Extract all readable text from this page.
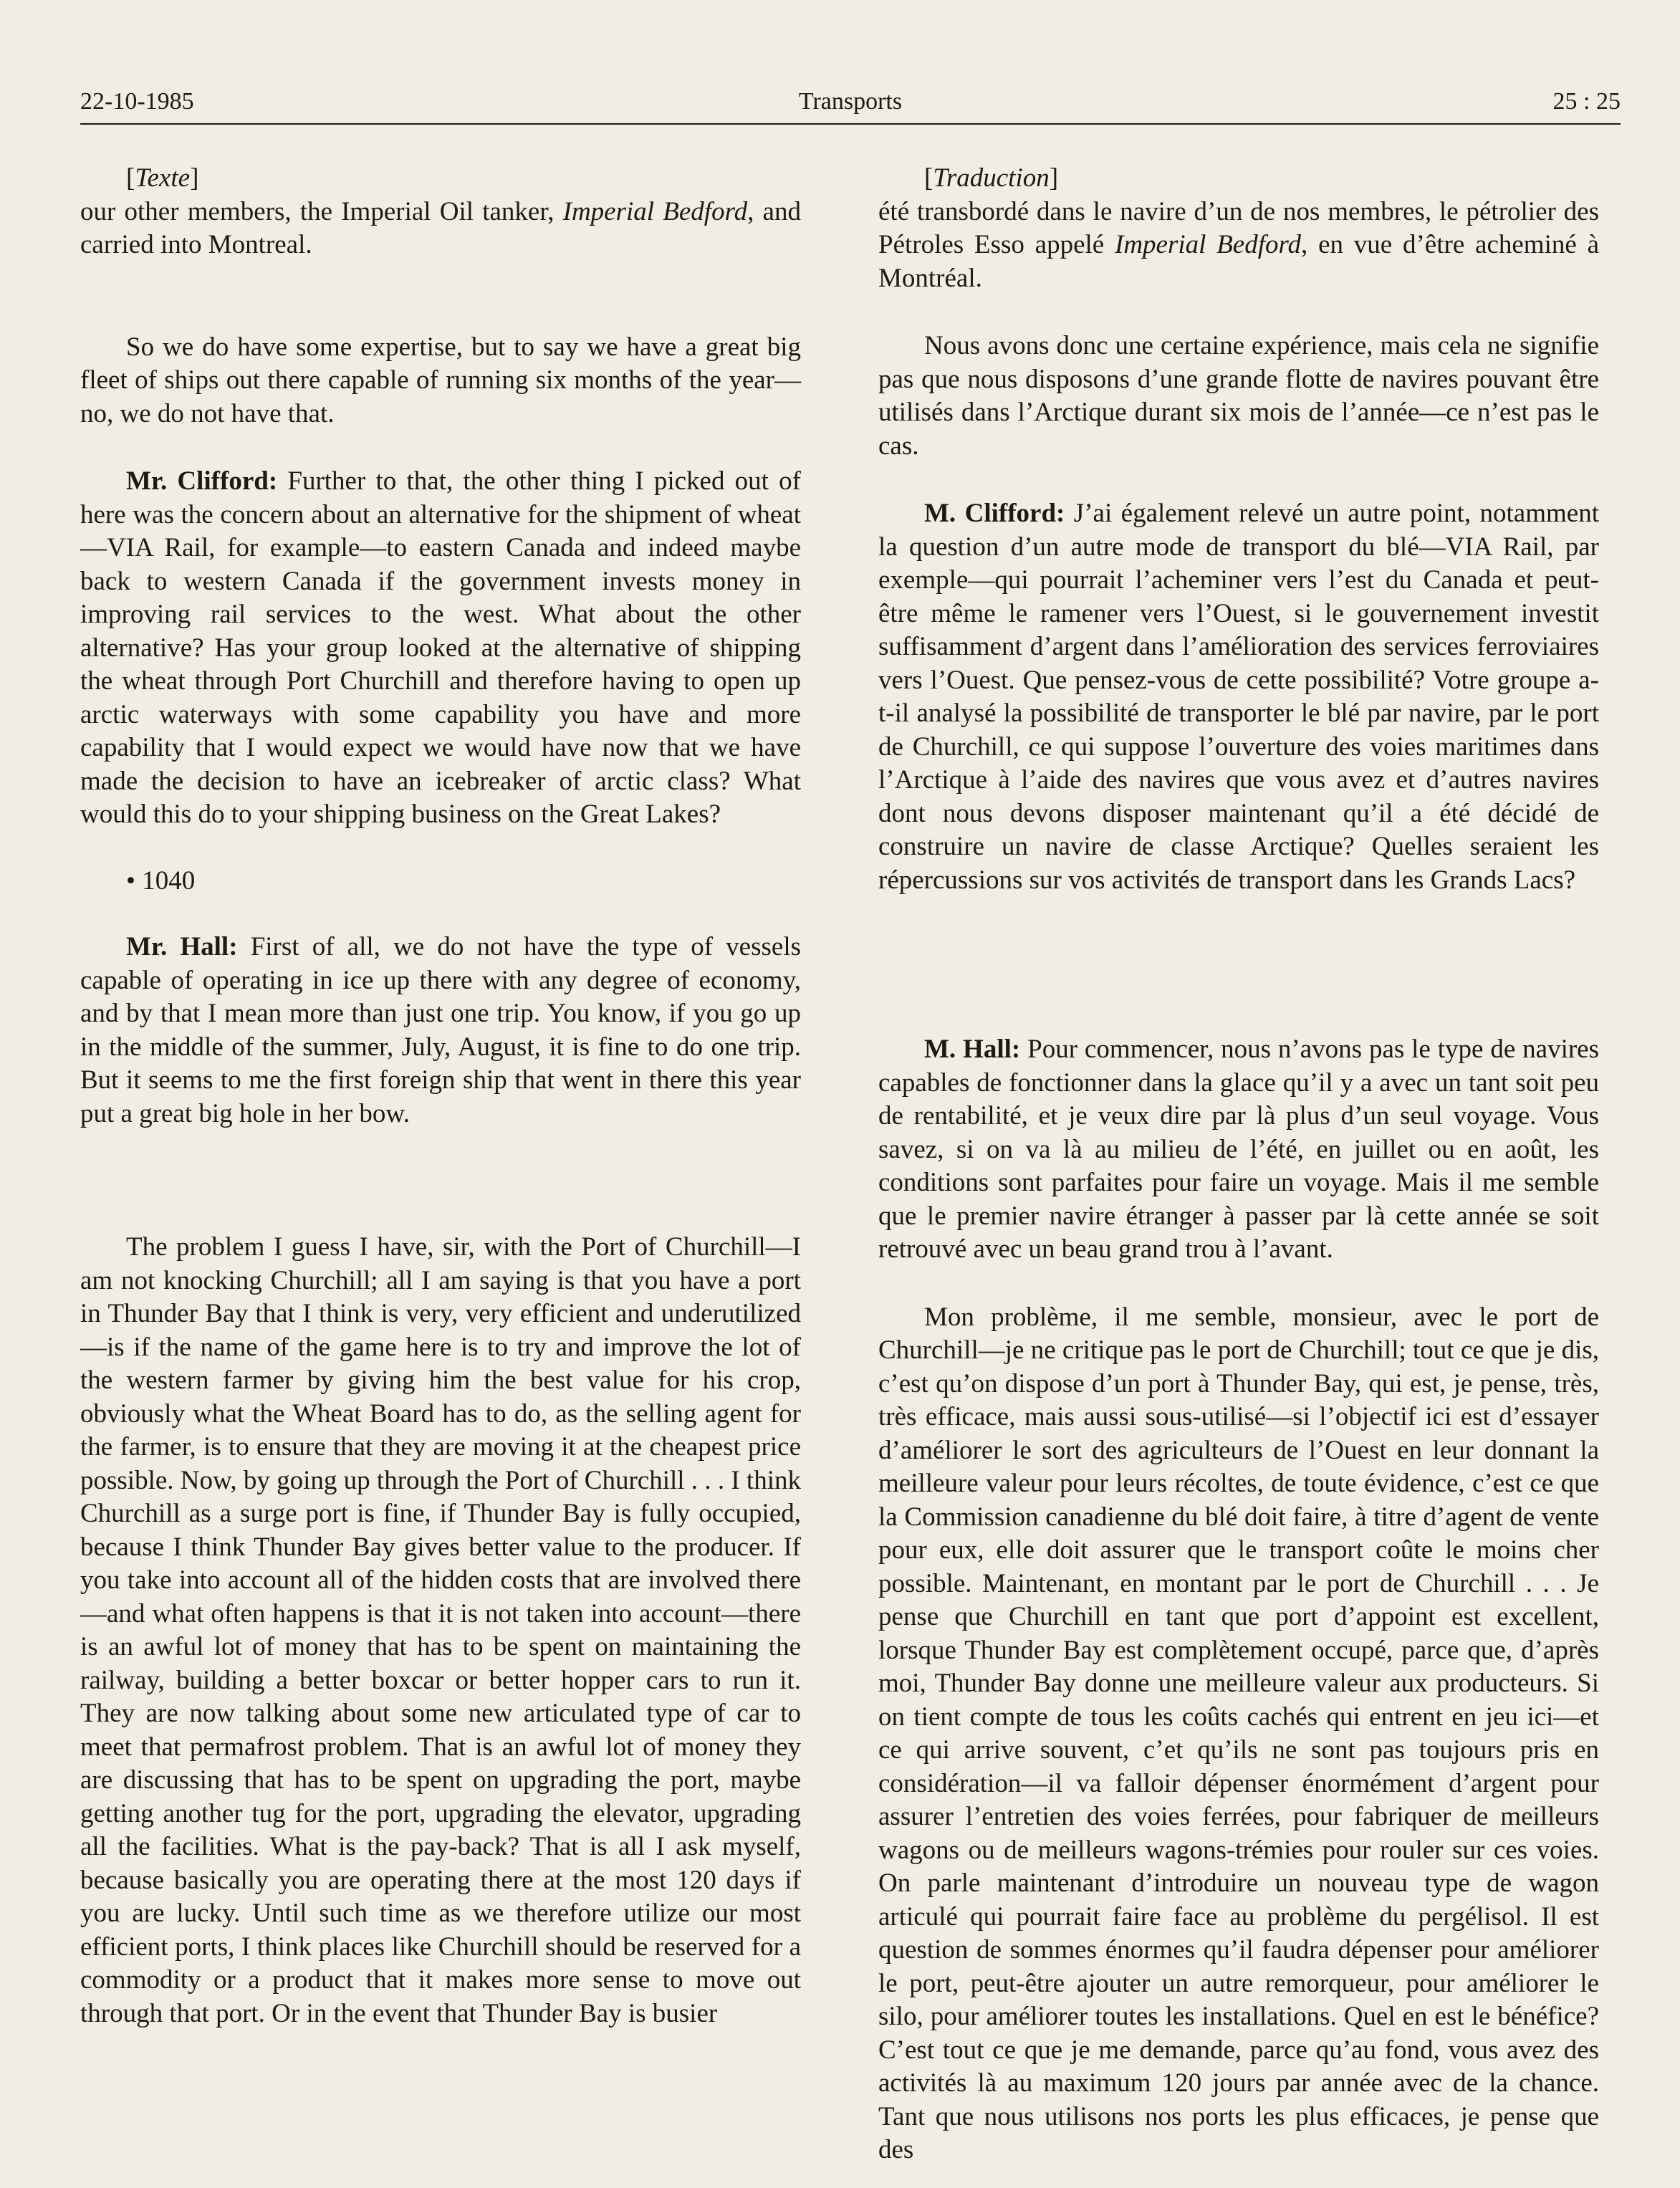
22-10-1985	Transports	25 : 25

[Texte]

our other members, the Imperial Oil tanker, Imperial Bedford, and carried into Montreal.

So we do have some expertise, but to say we have a great big fleet of ships out there capable of running six months of the year—no, we do not have that.

Mr. Clifford: Further to that, the other thing I picked out of here was the concern about an alternative for the shipment of wheat—VIA Rail, for example—to eastern Canada and indeed maybe back to western Canada if the government invests money in improving rail services to the west. What about the other alternative? Has your group looked at the alternative of shipping the wheat through Port Churchill and therefore having to open up arctic waterways with some capability you have and more capability that I would expect we would have now that we have made the decision to have an icebreaker of arctic class? What would this do to your shipping business on the Great Lakes?

• 1040

Mr. Hall: First of all, we do not have the type of vessels capable of operating in ice up there with any degree of economy, and by that I mean more than just one trip. You know, if you go up in the middle of the summer, July, August, it is fine to do one trip. But it seems to me the first foreign ship that went in there this year put a great big hole in her bow.

The problem I guess I have, sir, with the Port of Churchill—I am not knocking Churchill; all I am saying is that you have a port in Thunder Bay that I think is very, very efficient and underutilized—is if the name of the game here is to try and improve the lot of the western farmer by giving him the best value for his crop, obviously what the Wheat Board has to do, as the selling agent for the farmer, is to ensure that they are moving it at the cheapest price possible. Now, by going up through the Port of Churchill . . . I think Churchill as a surge port is fine, if Thunder Bay is fully occupied, because I think Thunder Bay gives better value to the producer. If you take into account all of the hidden costs that are involved there—and what often happens is that it is not taken into account—there is an awful lot of money that has to be spent on maintaining the railway, building a better boxcar or better hopper cars to run it. They are now talking about some new articulated type of car to meet that permafrost problem. That is an awful lot of money they are discussing that has to be spent on upgrading the port, maybe getting another tug for the port, upgrading the elevator, upgrading all the facilities. What is the pay-back? That is all I ask myself, because basically you are operating there at the most 120 days if you are lucky. Until such time as we therefore utilize our most efficient ports, I think places like Churchill should be reserved for a commodity or a product that it makes more sense to move out through that port. Or in the event that Thunder Bay is busier

[Traduction]

été transbordé dans le navire d’un de nos membres, le pétrolier des Pétroles Esso appelé Imperial Bedford, en vue d’être acheminé à Montréal.

Nous avons donc une certaine expérience, mais cela ne signifie pas que nous disposons d’une grande flotte de navires pouvant être utilisés dans l’Arctique durant six mois de l’année—ce n’est pas le cas.

M. Clifford: J’ai également relevé un autre point, notamment la question d’un autre mode de transport du blé—VIA Rail, par exemple—qui pourrait l’acheminer vers l’est du Canada et peut-être même le ramener vers l’Ouest, si le gouvernement investit suffisamment d’argent dans l’amélioration des services ferroviaires vers l’Ouest. Que pensez-vous de cette possibilité? Votre groupe a-t-il analysé la possibilité de transporter le blé par navire, par le port de Churchill, ce qui suppose l’ouverture des voies maritimes dans l’Arctique à l’aide des navires que vous avez et d’autres navires dont nous devons disposer maintenant qu’il a été décidé de construire un navire de classe Arctique? Quelles seraient les répercussions sur vos activités de transport dans les Grands Lacs?

M. Hall: Pour commencer, nous n’avons pas le type de navires capables de fonctionner dans la glace qu’il y a avec un tant soit peu de rentabilité, et je veux dire par là plus d’un seul voyage. Vous savez, si on va là au milieu de l’été, en juillet ou en août, les conditions sont parfaites pour faire un voyage. Mais il me semble que le premier navire étranger à passer par là cette année se soit retrouvé avec un beau grand trou à l’avant.

Mon problème, il me semble, monsieur, avec le port de Churchill—je ne critique pas le port de Churchill; tout ce que je dis, c’est qu’on dispose d’un port à Thunder Bay, qui est, je pense, très, très efficace, mais aussi sous-utilisé—si l’objectif ici est d’essayer d’améliorer le sort des agriculteurs de l’Ouest en leur donnant la meilleure valeur pour leurs récoltes, de toute évidence, c’est ce que la Commission canadienne du blé doit faire, à titre d’agent de vente pour eux, elle doit assurer que le transport coûte le moins cher possible. Maintenant, en montant par le port de Churchill . . . Je pense que Churchill en tant que port d’appoint est excellent, lorsque Thunder Bay est complètement occupé, parce que, d’après moi, Thunder Bay donne une meilleure valeur aux producteurs. Si on tient compte de tous les coûts cachés qui entrent en jeu ici—et ce qui arrive souvent, c’et qu’ils ne sont pas toujours pris en considération—il va falloir dépenser énormément d’argent pour assurer l’entretien des voies ferrées, pour fabriquer de meilleurs wagons ou de meilleurs wagons-trémies pour rouler sur ces voies. On parle maintenant d’introduire un nouveau type de wagon articulé qui pourrait faire face au problème du pergélisol. Il est question de sommes énormes qu’il faudra dépenser pour améliorer le port, peut-être ajouter un autre remorqueur, pour améliorer le silo, pour améliorer toutes les installations. Quel en est le bénéfice? C’est tout ce que je me demande, parce qu’au fond, vous avez des activités là au maximum 120 jours par année avec de la chance. Tant que nous utilisons nos ports les plus efficaces, je pense que des
